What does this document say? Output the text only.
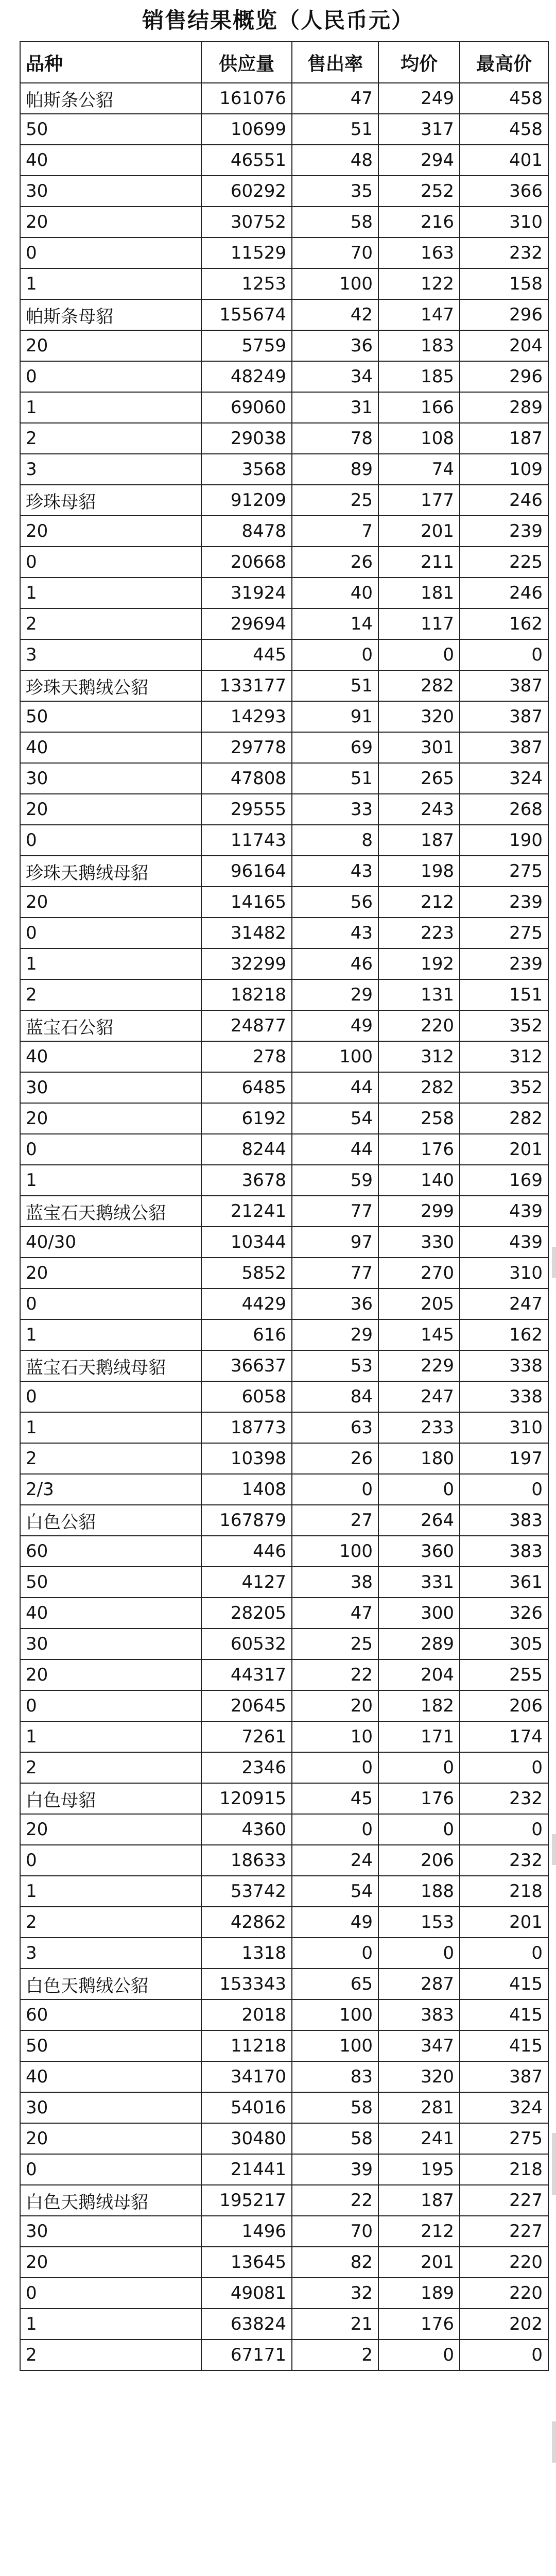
销售结果概览（人民币元）
品种	供应量	售出率	均价	最高价
帕斯条公貂	161076	47	249	458
50	10699	51	317	458
40	46551	48	294	401
30	60292	35	252	366
20	30752	58	216	310
0	11529	70	163	232
1	1253	100	122	158
帕斯条母貂	155674	42	147	296
20	5759	36	183	204
0	48249	34	185	296
1	69060	31	166	289
2	29038	78	108	187
3	3568	89	74	109
珍珠母貂	91209	25	177	246
20	8478	7	201	239
0	20668	26	211	225
1	31924	40	181	246
2	29694	14	117	162
3	445	0	0	0
珍珠天鹅绒公貂	133177	51	282	387
50	14293	91	320	387
40	29778	69	301	387
30	47808	51	265	324
20	29555	33	243	268
0	11743	8	187	190
珍珠天鹅绒母貂	96164	43	198	275
20	14165	56	212	239
0	31482	43	223	275
1	32299	46	192	239
2	18218	29	131	151
蓝宝石公貂	24877	49	220	352
40	278	100	312	312
30	6485	44	282	352
20	6192	54	258	282
0	8244	44	176	201
1	3678	59	140	169
蓝宝石天鹅绒公貂	21241	77	299	439
40/30	10344	97	330	439
20	5852	77	270	310
0	4429	36	205	247
1	616	29	145	162
蓝宝石天鹅绒母貂	36637	53	229	338
0	6058	84	247	338
1	18773	63	233	310
2	10398	26	180	197
2/3	1408	0	0	0
白色公貂	167879	27	264	383
60	446	100	360	383
50	4127	38	331	361
40	28205	47	300	326
30	60532	25	289	305
20	44317	22	204	255
0	20645	20	182	206
1	7261	10	171	174
2	2346	0	0	0
白色母貂	120915	45	176	232
20	4360	0	0	0
0	18633	24	206	232
1	53742	54	188	218
2	42862	49	153	201
3	1318	0	0	0
白色天鹅绒公貂	153343	65	287	415
60	2018	100	383	415
50	11218	100	347	415
40	34170	83	320	387
30	54016	58	281	324
20	30480	58	241	275
0	21441	39	195	218
白色天鹅绒母貂	195217	22	187	227
30	1496	70	212	227
20	13645	82	201	220
0	49081	32	189	220
1	63824	21	176	202
2	67171	2	0	0
